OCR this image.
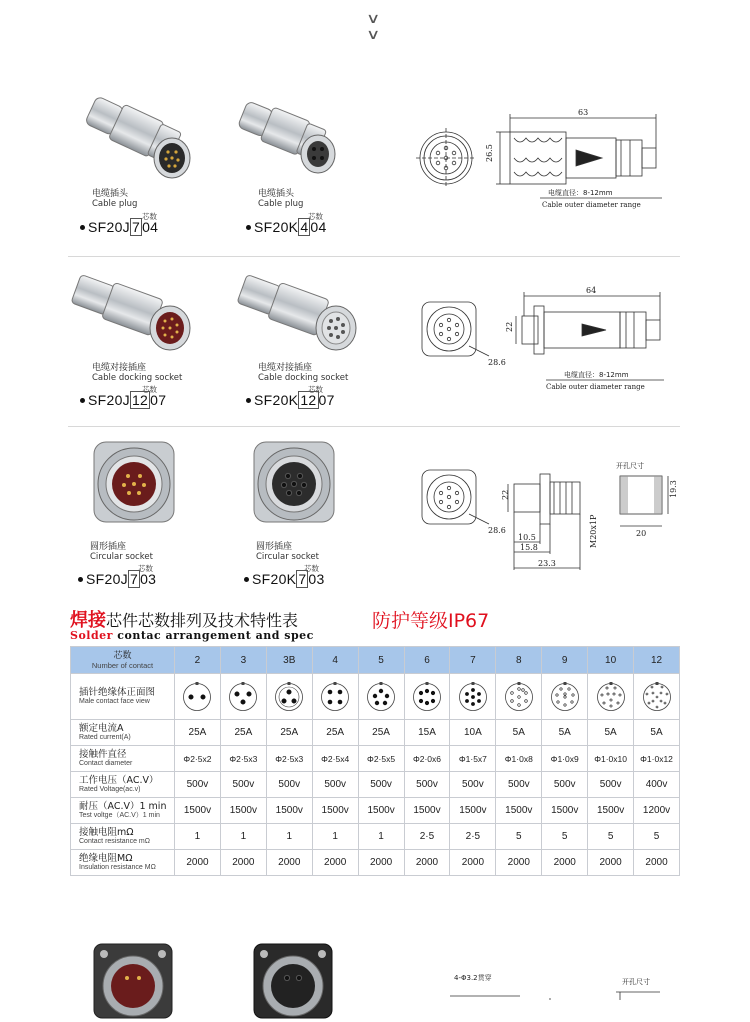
∨
∨
电缆插头
Cable plug
芯数
SF20J 7 04
电缆插头
Cable plug
芯数
SF20K 4 04
63
26.5
电缆直径：8-12mm
Cable outer diameter range
电缆对接插座
Cable docking socket
芯数
SF20J 12 07
电缆对接插座
Cable docking socket
芯数
SF20K 12 07
64
22
28.6
电缆直径：8-12mm
Cable outer diameter range
圆形插座
Circular socket
芯数
SF20J 7 03
圆形插座
Circular socket
芯数
SF20K 7 03
22
28.6
10.5
15.8
23.3
M20x1P
开孔尺寸
20
19.3
焊接芯件芯数排列及技术特性表
Solder contac arrangement and spec
防护等级IP67
芯数
Number of contact	2	3	3B	4	5	6	7	8	9	10	12

插针绝缘体正面图
Male contact face view

额定电流A
Rated current(A)	25A	25A	25A	25A	25A	15A	10A	5A	5A	5A	5A

接触件直径
Contact diameter	Φ2·5x2	Φ2·5x3	Φ2·5x3	Φ2·5x4	Φ2·5x5	Φ2·0x6	Φ1·5x7	Φ1·0x8	Φ1·0x9	Φ1·0x10	Φ1·0x12

工作电压（AC.V）
Rated Voltage(ac.v)	500v	500v	500v	500v	500v	500v	500v	500v	500v	500v	400v

耐压（AC.V）1 min
Test voltge（AC.V）1 min	1500v	1500v	1500v	1500v	1500v	1500v	1500v	1500v	1500v	1500v	1200v

接触电阻mΩ
Contact resistance mΩ	1	1	1	1	1	2·5	2·5	5	5	5	5

绝缘电阻MΩ
Insulation resistance MΩ	2000	2000	2000	2000	2000	2000	2000	2000	2000	2000	2000
4-Φ3.2贯穿	开孔尺寸
